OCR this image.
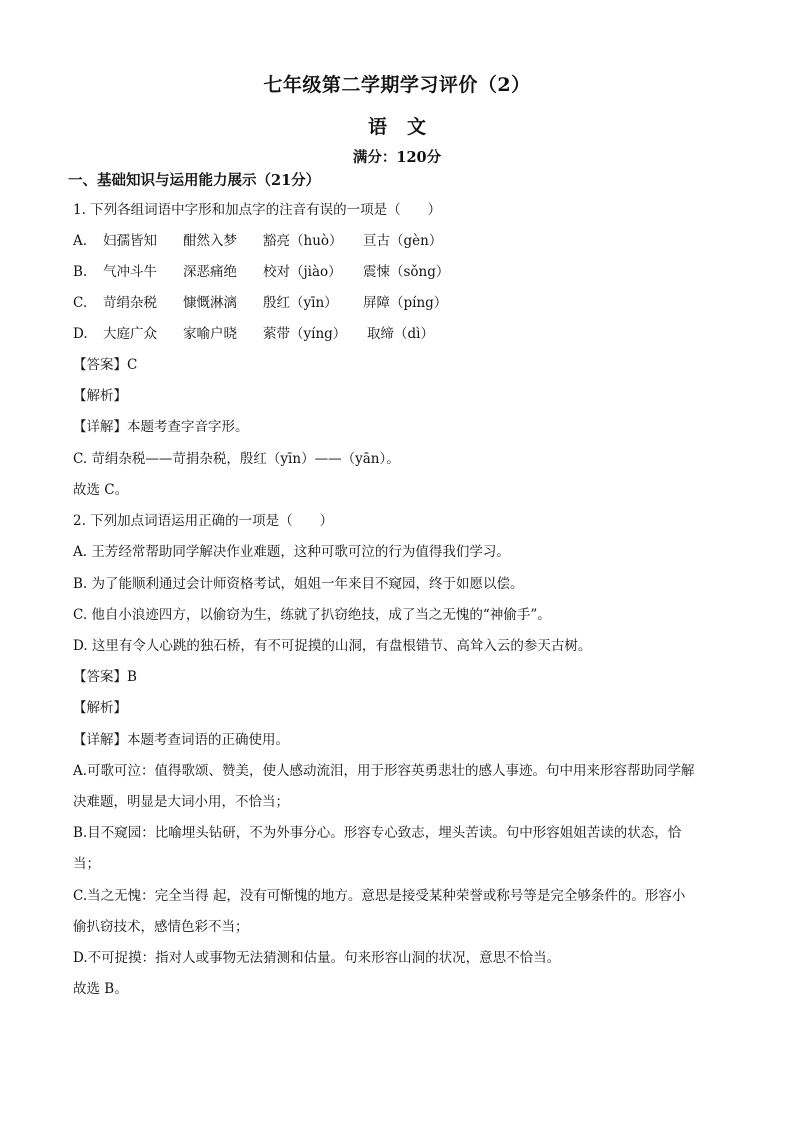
七年级第二学期学习评价（2）
语 文
满分：120分
一、基础知识与运用能力展示（21分）
1. 下列各组词语中字形和加点字的注音有误的一项是（　　）
A. 妇孺皆知 酣然入梦 豁亮（huò） 亘古（gèn）
B. 气冲斗牛 深恶痛绝 校对（jiào） 震悚（sǒng）
C. 苛绢杂税 慷慨淋漓 殷红（yīn） 屏障（píng）
D. 大庭广众 家喻户晓 萦带（yíng） 取缔（dì）
【答案】C
【解析】
【详解】本题考查字音字形。
C. 苛绢杂税——苛捐杂税，殷红（yīn）——（yān）。
故选 C。
2. 下列加点词语运用正确的一项是（　　）
A. 王芳经常帮助同学解决作业难题，这种可歌可泣的行为值得我们学习。
B. 为了能顺利通过会计师资格考试，姐姐一年来目不窥园，终于如愿以偿。
C. 他自小浪迹四方，以偷窃为生，练就了扒窃绝技，成了当之无愧的“神偷手”。
D. 这里有令人心跳的独石桥，有不可捉摸的山洞，有盘根错节、高耸入云的参天古树。
【答案】B
【解析】
【详解】本题考查词语的正确使用。
A.可歌可泣：值得歌颂、赞美，使人感动流泪，用于形容英勇悲壮的感人事迹。句中用来形容帮助同学解
决难题，明显是大词小用，不恰当；
B.目不窥园：比喻埋头钻研，不为外事分心。形容专心致志，埋头苦读。句中形容姐姐苦读的状态，恰
当；
C.当之无愧：完全当得 起，没有可惭愧的地方。意思是接受某种荣誉或称号等是完全够条件的。形容小
偷扒窃技术，感情色彩不当；
D.不可捉摸：指对人或事物无法猜测和估量。句来形容山洞的状况，意思不恰当。
故选 B。
